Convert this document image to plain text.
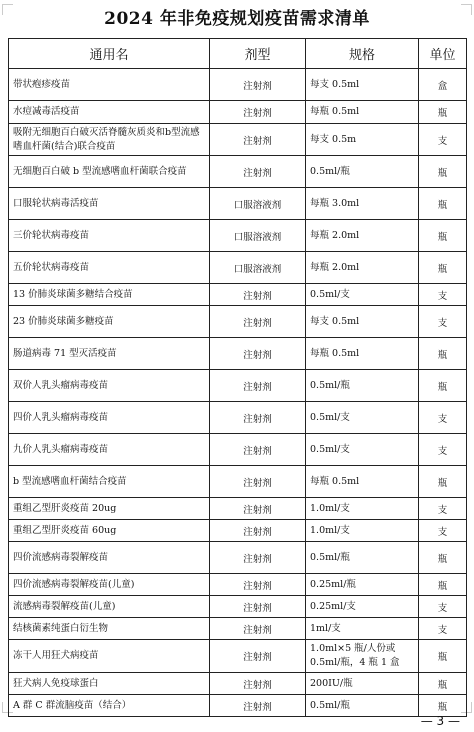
2024 年非免疫规划疫苗需求清单
通用名	剂型	规格	单位
带状疱疹疫苗	注射剂	每支 0.5ml	盒
水痘减毒活疫苗	注射剂	每瓶 0.5ml	瓶
吸附无细胞百白破灭活脊髓灰质炎和b型流感嗜血杆菌(结合)联合疫苗	注射剂	每支 0.5m	支
无细胞百白破 b 型流感嗜血杆菌联合疫苗	注射剂	0.5ml/瓶	瓶
口服轮状病毒活疫苗	口服溶液剂	每瓶 3.0ml	瓶
三价轮状病毒疫苗	口服溶液剂	每瓶 2.0ml	瓶
五价轮状病毒疫苗	口服溶液剂	每瓶 2.0ml	瓶
13 价肺炎球菌多糖结合疫苗	注射剂	0.5ml/支	支
23 价肺炎球菌多糖疫苗	注射剂	每支 0.5ml	支
肠道病毒 71 型灭活疫苗	注射剂	每瓶 0.5ml	瓶
双价人乳头瘤病毒疫苗	注射剂	0.5ml/瓶	瓶
四价人乳头瘤病毒疫苗	注射剂	0.5ml/支	支
九价人乳头瘤病毒疫苗	注射剂	0.5ml/支	支
b 型流感嗜血杆菌结合疫苗	注射剂	每瓶 0.5ml	瓶
重组乙型肝炎疫苗 20ug	注射剂	1.0ml/支	支
重组乙型肝炎疫苗 60ug	注射剂	1.0ml/支	支
四价流感病毒裂解疫苗	注射剂	0.5ml/瓶	瓶
四价流感病毒裂解疫苗(儿童)	注射剂	0.25ml/瓶	瓶
流感病毒裂解疫苗(儿童)	注射剂	0.25ml/支	支
结核菌素纯蛋白衍生物	注射剂	1ml/支	支
冻干人用狂犬病疫苗	注射剂	1.0ml×5 瓶/人份或 0.5ml/瓶，4 瓶 1 盒	瓶
狂犬病人免疫球蛋白	注射剂	200IU/瓶	瓶
A 群 C 群流脑疫苗（结合）	注射剂	0.5ml/瓶	瓶
— 3 —
